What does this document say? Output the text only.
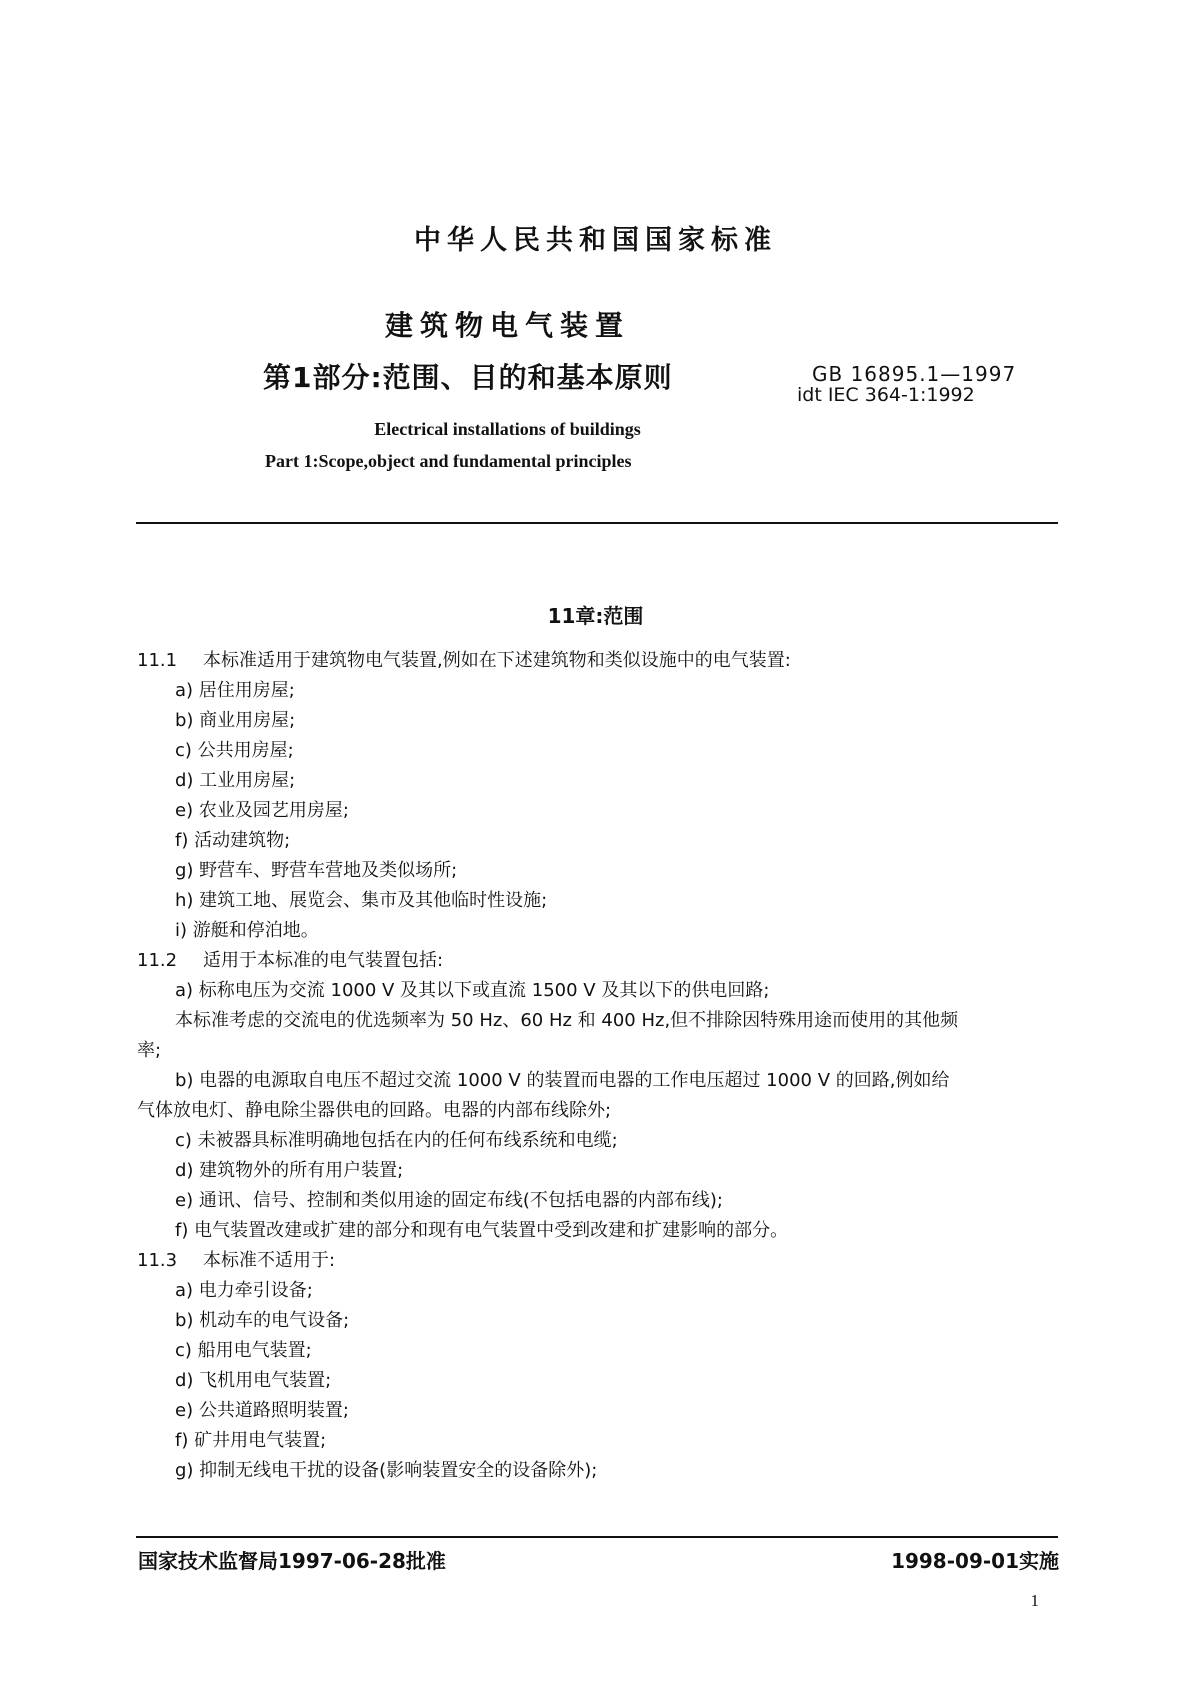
中华人民共和国国家标准
建筑物电气装置
第1部分:范围、目的和基本原则	GB 16895.1—1997
idt IEC 364-1:1992
Electrical installations of buildings
Part 1:Scope,object and fundamental principles
11章:范围
11.1 本标准适用于建筑物电气装置,例如在下述建筑物和类似设施中的电气装置:
a) 居住用房屋;
b) 商业用房屋;
c) 公共用房屋;
d) 工业用房屋;
e) 农业及园艺用房屋;
f) 活动建筑物;
g) 野营车、野营车营地及类似场所;
h) 建筑工地、展览会、集市及其他临时性设施;
i) 游艇和停泊地。
11.2 适用于本标准的电气装置包括:
a) 标称电压为交流 1000 V 及其以下或直流 1500 V 及其以下的供电回路;
本标准考虑的交流电的优选频率为 50 Hz、60 Hz 和 400 Hz,但不排除因特殊用途而使用的其他频
率;
b) 电器的电源取自电压不超过交流 1000 V 的装置而电器的工作电压超过 1000 V 的回路,例如给
气体放电灯、静电除尘器供电的回路。电器的内部布线除外;
c) 未被器具标准明确地包括在内的任何布线系统和电缆;
d) 建筑物外的所有用户装置;
e) 通讯、信号、控制和类似用途的固定布线(不包括电器的内部布线);
f) 电气装置改建或扩建的部分和现有电气装置中受到改建和扩建影响的部分。
11.3 本标准不适用于:
a) 电力牵引设备;
b) 机动车的电气设备;
c) 船用电气装置;
d) 飞机用电气装置;
e) 公共道路照明装置;
f) 矿井用电气装置;
g) 抑制无线电干扰的设备(影响装置安全的设备除外);
国家技术监督局1997-06-28批准	1998-09-01实施
1
